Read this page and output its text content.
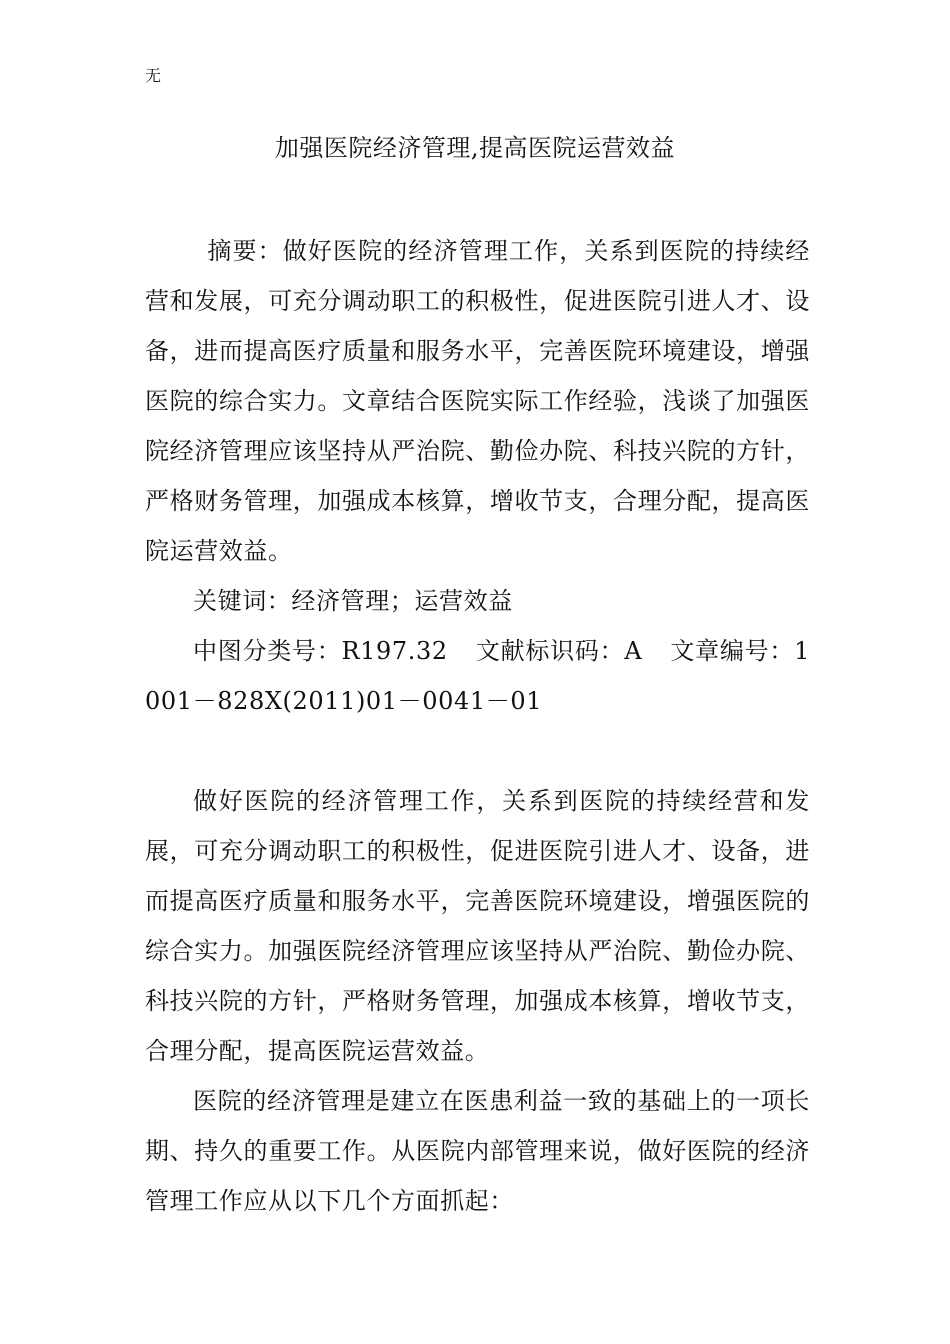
无
加强医院经济管理,提高医院运营效益

摘要：做好医院的经济管理工作，关系到医院的持续经营和发展，可充分调动职工的积极性，促进医院引进人才、设备，进而提高医疗质量和服务水平，完善医院环境建设，增强医院的综合实力。文章结合医院实际工作经验，浅谈了加强医院经济管理应该坚持从严治院、勤俭办院、科技兴院的方针，严格财务管理，加强成本核算，增收节支，合理分配，提高医院运营效益。

关键词：经济管理；运营效益

中图分类号：R197.32 文献标识码：A 文章编号：1001－828X(2011)01－0041－01

做好医院的经济管理工作，关系到医院的持续经营和发展，可充分调动职工的积极性，促进医院引进人才、设备，进而提高医疗质量和服务水平，完善医院环境建设，增强医院的综合实力。加强医院经济管理应该坚持从严治院、勤俭办院、科技兴院的方针，严格财务管理，加强成本核算，增收节支，合理分配，提高医院运营效益。

医院的经济管理是建立在医患利益一致的基础上的一项长期、持久的重要工作。从医院内部管理来说，做好医院的经济管理工作应从以下几个方面抓起：
